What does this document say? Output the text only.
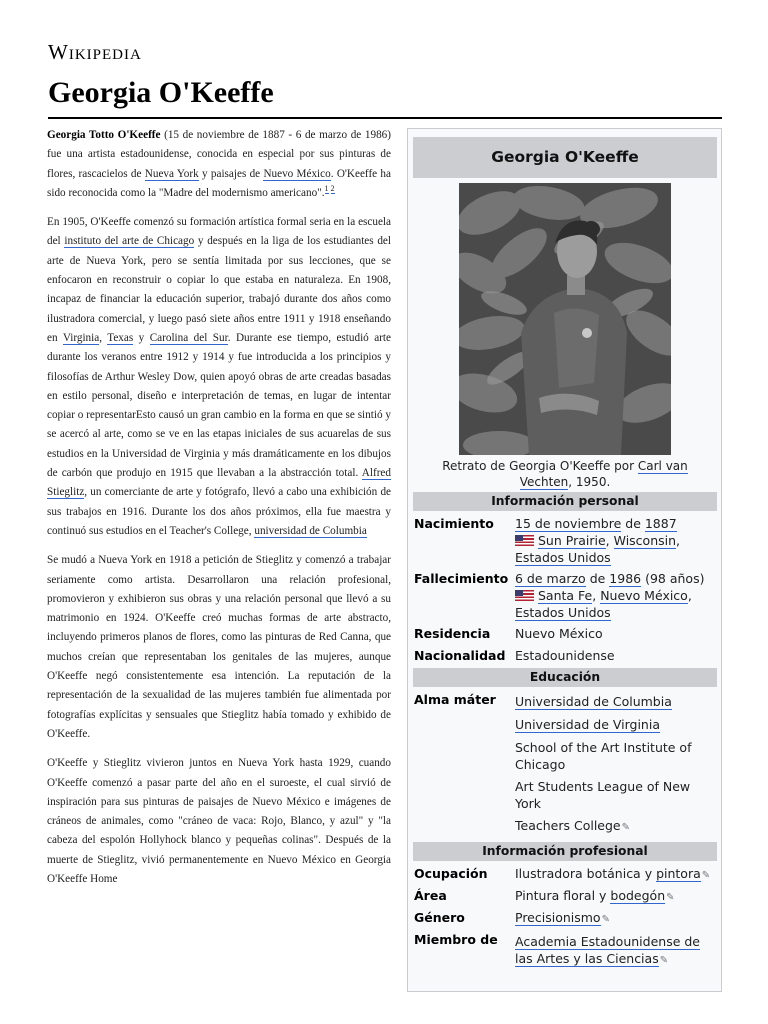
Wikipedia
Georgia O'Keeffe

Georgia Totto O'Keeffe (15 de noviembre de 1887 - 6 de marzo de 1986) fue una artista estadounidense, conocida en especial por sus pinturas de flores, rascacielos de Nueva York y paisajes de Nuevo México. O'Keeffe ha sido reconocida como la "Madre del modernismo americano".$^{1 2}$

En 1905, O'Keeffe comenzó su formación artística formal seria en la escuela del instituto del arte de Chicago y después en la liga de los estudiantes del arte de Nueva York, pero se sentía limitada por sus lecciones, que se enfocaron en reconstruir o copiar lo que estaba en naturaleza. En 1908, incapaz de financiar la educación superior, trabajó durante dos años como ilustradora comercial, y luego pasó siete años entre 1911 y 1918 enseñando en Virginia, Texas y Carolina del Sur. Durante ese tiempo, estudió arte durante los veranos entre 1912 y 1914 y fue introducida a los principios y filosofías de Arthur Wesley Dow, quien apoyó obras de arte creadas basadas en estilo personal, diseño e interpretación de temas, en lugar de intentar copiar o representarEsto causó un gran cambio en la forma en que se sintió y se acercó al arte, como se ve en las etapas iniciales de sus acuarelas de sus estudios en la Universidad de Virginia y más dramáticamente en los dibujos de carbón que produjo en 1915 que llevaban a la abstracción total. Alfred Stieglitz, un comerciante de arte y fotógrafo, llevó a cabo una exhibición de sus trabajos en 1916. Durante los dos años próximos, ella fue maestra y continuó sus estudios en el Teacher's College, universidad de Columbia

Se mudó a Nueva York en 1918 a petición de Stieglitz y comenzó a trabajar seriamente como artista. Desarrollaron una relación profesional, promovieron y exhibieron sus obras y una relación personal que llevó a su matrimonio en 1924. O'Keeffe creó muchas formas de arte abstracto, incluyendo primeros planos de flores, como las pinturas de Red Canna, que muchos creían que representaban los genitales de las mujeres, aunque O'Keeffe negó consistentemente esa intención. La reputación de la representación de la sexualidad de las mujeres también fue alimentada por fotografías explícitas y sensuales que Stieglitz había tomado y exhibido de O'Keeffe.

O'Keeffe y Stieglitz vivieron juntos en Nueva York hasta 1929, cuando O'Keeffe comenzó a pasar parte del año en el suroeste, el cual sirvió de inspiración para sus pinturas de paisajes de Nuevo México e imágenes de cráneos de animales, como "cráneo de vaca: Rojo, Blanco, y azul" y "la cabeza del espolón Hollyhock blanco y pequeñas colinas". Después de la muerte de Stieglitz, vivió permanentemente en Nuevo México en Georgia O'Keeffe Home

Georgia O'Keeffe
Retrato de Georgia O'Keeffe por Carl van Vechten, 1950.
Información personal
Nacimiento 15 de noviembre de 1887
Sun Prairie, Wisconsin,
Estados Unidos
Fallecimiento 6 de marzo de 1986 (98 años)
Santa Fe, Nuevo México,
Estados Unidos
Residencia Nuevo México
Nacionalidad Estadounidense
Educación
Alma máter Universidad de Columbia
Universidad de Virginia
School of the Art Institute of Chicago
Art Students League of New York
Teachers College✎
Información profesional
Ocupación Ilustradora botánica y pintora✎
Área	Pintura floral y bodegón✎
Género	Precisionismo✎
Miembro de Academia Estadounidense de las Artes y las Ciencias✎
